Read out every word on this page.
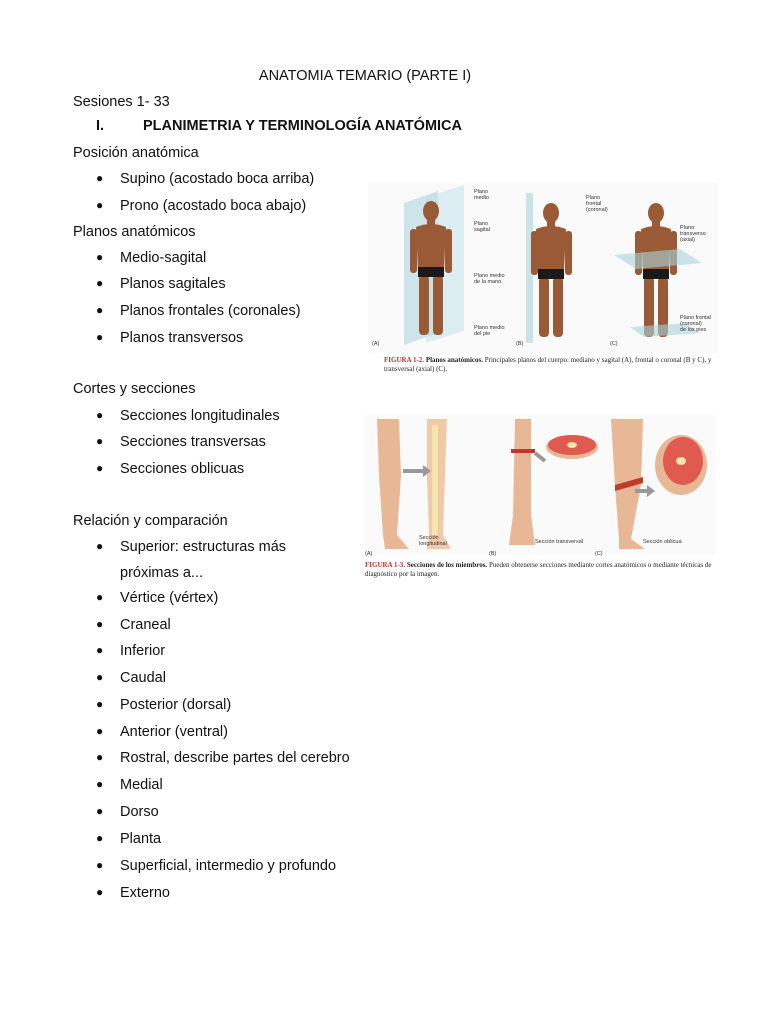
ANATOMIA TEMARIO (PARTE I)
Sesiones 1- 33
I.	PLANIMETRIA Y TERMINOLOGÍA ANATÓMICA
Posición anatómica
● Supino (acostado boca arriba)
● Prono (acostado boca abajo)
Planos anatómicos
● Medio-sagital
● Planos sagitales
● Planos frontales (coronales)
● Planos transversos
Cortes y secciones
● Secciones longitudinales
● Secciones transversas
● Secciones oblicuas
Relación y comparación
● Superior: estructuras más
próximas a...
● Vértice (vértex)
● Craneal
● Inferior
● Caudal
● Posterior (dorsal)
● Anterior (ventral)
● Rostral, describe partes del cerebro
● Medial
● Dorso
● Planta
● Superficial, intermedio y profundo
● Externo
Plano
medio
Plano
sagital
Plano medio
de la mano
Plano medio
del pie
Plano
frontal
(coronal)
Plano
transverso
(axial)
Plano frontal
(coronal)
de los pies
(A)	(B)	(C)
FIGURA 1-2. Planos anatómicos. Principales planos del cuerpo: mediano y sagital (A), frontal o coronal (B y C), y transversal (axial) (C).
Sección
longitudinal	Sección transversal	Sección oblicua
(A)	(B)	(C)
FIGURA 1-3. Secciones de los miembros. Pueden obtenerse secciones mediante cortes anatómicos o mediante técnicas de diagnóstico por la imagen.
